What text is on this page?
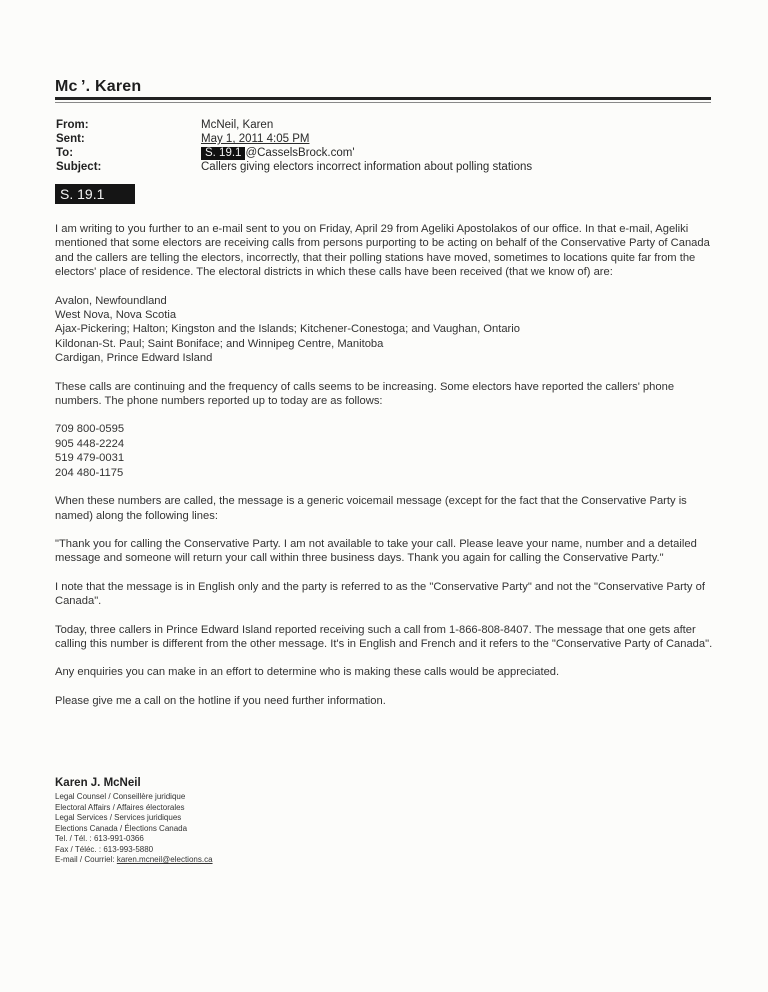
Mc ʼ. Karen
From:
Sent:
To:
Subject:
McNeil, Karen
May 1, 2011 4:05 PM
S. 19.1 @CasselsBrock.com'
Callers giving electors incorrect information about polling stations
S. 19.1

I am writing to you further to an e-mail sent to you on Friday, April 29 from Ageliki Apostolakos of our office. In that e-mail, Ageliki mentioned that some electors are receiving calls from persons purporting to be acting on behalf of the Conservative Party of Canada and the callers are telling the electors, incorrectly, that their polling stations have moved, sometimes to locations quite far from the electors' place of residence. The electoral districts in which these calls have been received (that we know of) are:

Avalon, Newfoundland

West Nova, Nova Scotia

Ajax-Pickering; Halton; Kingston and the Islands; Kitchener-Conestoga; and Vaughan, Ontario

Kildonan-St. Paul; Saint Boniface; and Winnipeg Centre, Manitoba

Cardigan, Prince Edward Island

These calls are continuing and the frequency of calls seems to be increasing. Some electors have reported the callers' phone numbers. The phone numbers reported up to today are as follows:

709 800-0595

905 448-2224

519 479-0031

204 480-1175

When these numbers are called, the message is a generic voicemail message (except for the fact that the Conservative Party is named) along the following lines:

"Thank you for calling the Conservative Party. I am not available to take your call. Please leave your name, number and a detailed message and someone will return your call within three business days. Thank you again for calling the Conservative Party."

I note that the message is in English only and the party is referred to as the "Conservative Party" and not the "Conservative Party of Canada".

Today, three callers in Prince Edward Island reported receiving such a call from 1-866-808-8407. The message that one gets after calling this number is different from the other message. It's in English and French and it refers to the "Conservative Party of Canada".

Any enquiries you can make in an effort to determine who is making these calls would be appreciated.

Please give me a call on the hotline if you need further information.

Karen J. McNeil
Legal Counsel / Conseillère juridique
Electoral Affairs / Affaires électorales
Legal Services / Services juridiques
Elections Canada / Élections Canada
Tel. / Tél. : 613-991-0366
Fax / Téléc. : 613-993-5880
E-mail / Courriel: karen.mcneil@elections.ca
